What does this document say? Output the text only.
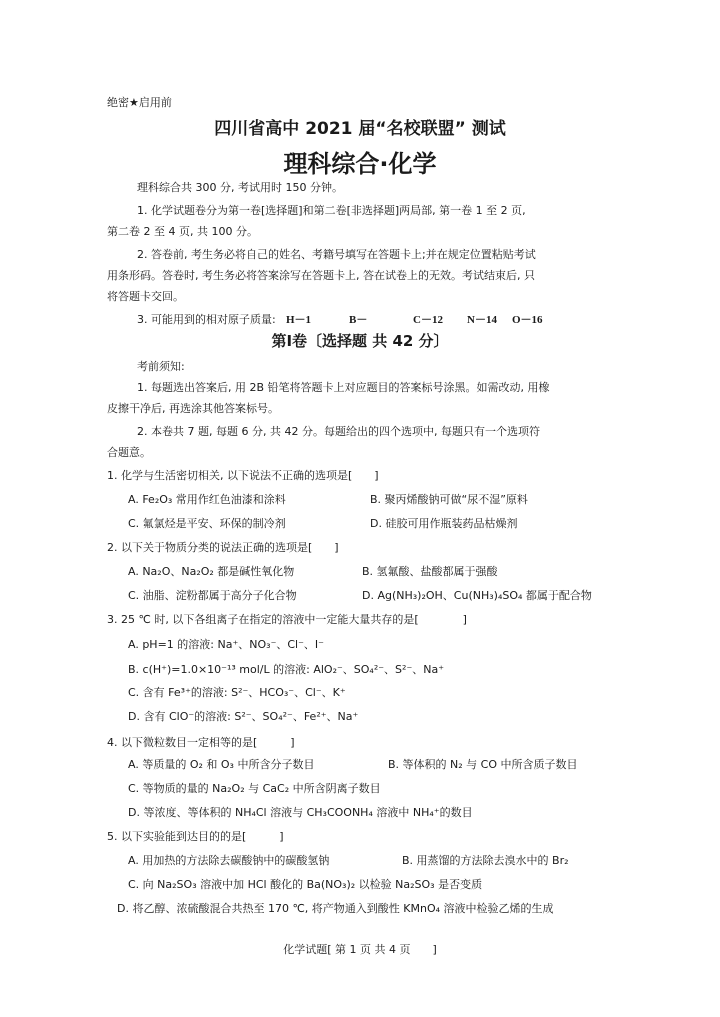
绝密★启用前
四川省高中 2021 届“名校联盟” 测试
理科综合·化学
理科综合共 300 分, 考试用时 150 分钟。
1. 化学试题卷分为第一卷[选择题]和第二卷[非选择题]两局部, 第一卷 1 至 2 页,
第二卷 2 至 4 页, 共 100 分。
2. 答卷前, 考生务必将自己的姓名、考籍号填写在答题卡上;并在规定位置粘贴考试
用条形码。答卷时, 考生务必将答案涂写在答题卡上, 答在试卷上的无效。考试结束后, 只
将答题卡交回。
3. 可能用到的相对原子质量: H－1	B－	C－12 N－14 O－16
第Ⅰ卷〔选择题 共 42 分〕
考前须知:
1. 每题选出答案后, 用 2B 铅笔将答题卡上对应题目的答案标号涂黑。如需改动, 用橡
皮擦干净后, 再选涂其他答案标号。
2. 本卷共 7 题, 每题 6 分, 共 42 分。每题给出的四个选项中, 每题只有一个选项符
合题意。
1. 化学与生活密切相关, 以下说法不正确的选项是[　　]
A. Fe₂O₃ 常用作红色油漆和涂料	B. 聚丙烯酸钠可做“尿不湿”原料
C. 氟氯烃是平安、环保的制冷剂	D. 硅胶可用作瓶装药品枯燥剂
2. 以下关于物质分类的说法正确的选项是[　　]
A. Na₂O、Na₂O₂ 都是碱性氧化物	B. 氢氟酸、盐酸都属于强酸
C. 油脂、淀粉都属于高分子化合物	D. Ag(NH₃)₂OH、Cu(NH₃)₄SO₄ 都属于配合物
3. 25 ℃ 时, 以下各组离子在指定的溶液中一定能大量共存的是[　　　　]
A. pH=1 的溶液: Na⁺、NO₃⁻、Cl⁻、I⁻
B. c(H⁺)=1.0×10⁻¹³ mol/L 的溶液: AlO₂⁻、SO₄²⁻、S²⁻、Na⁺
C. 含有 Fe³⁺的溶液: S²⁻、HCO₃⁻、Cl⁻、K⁺
D. 含有 ClO⁻的溶液: S²⁻、SO₄²⁻、Fe²⁺、Na⁺
4. 以下微粒数目一定相等的是[　　　]
A. 等质量的 O₂ 和 O₃ 中所含分子数目	B. 等体积的 N₂ 与 CO 中所含质子数目
C. 等物质的量的 Na₂O₂ 与 CaC₂ 中所含阴离子数目
D. 等浓度、等体积的 NH₄Cl 溶液与 CH₃COONH₄ 溶液中 NH₄⁺的数目
5. 以下实验能到达目的的是[　　　]
A. 用加热的方法除去碳酸钠中的碳酸氢钠	B. 用蒸馏的方法除去溴水中的 Br₂
C. 向 Na₂SO₃ 溶液中加 HCl 酸化的 Ba(NO₃)₂ 以检验 Na₂SO₃ 是否变质
D. 将乙醇、浓硫酸混合共热至 170 ℃, 将产物通入到酸性 KMnO₄ 溶液中检验乙烯的生成
化学试题[ 第 1 页 共 4 页　　]
